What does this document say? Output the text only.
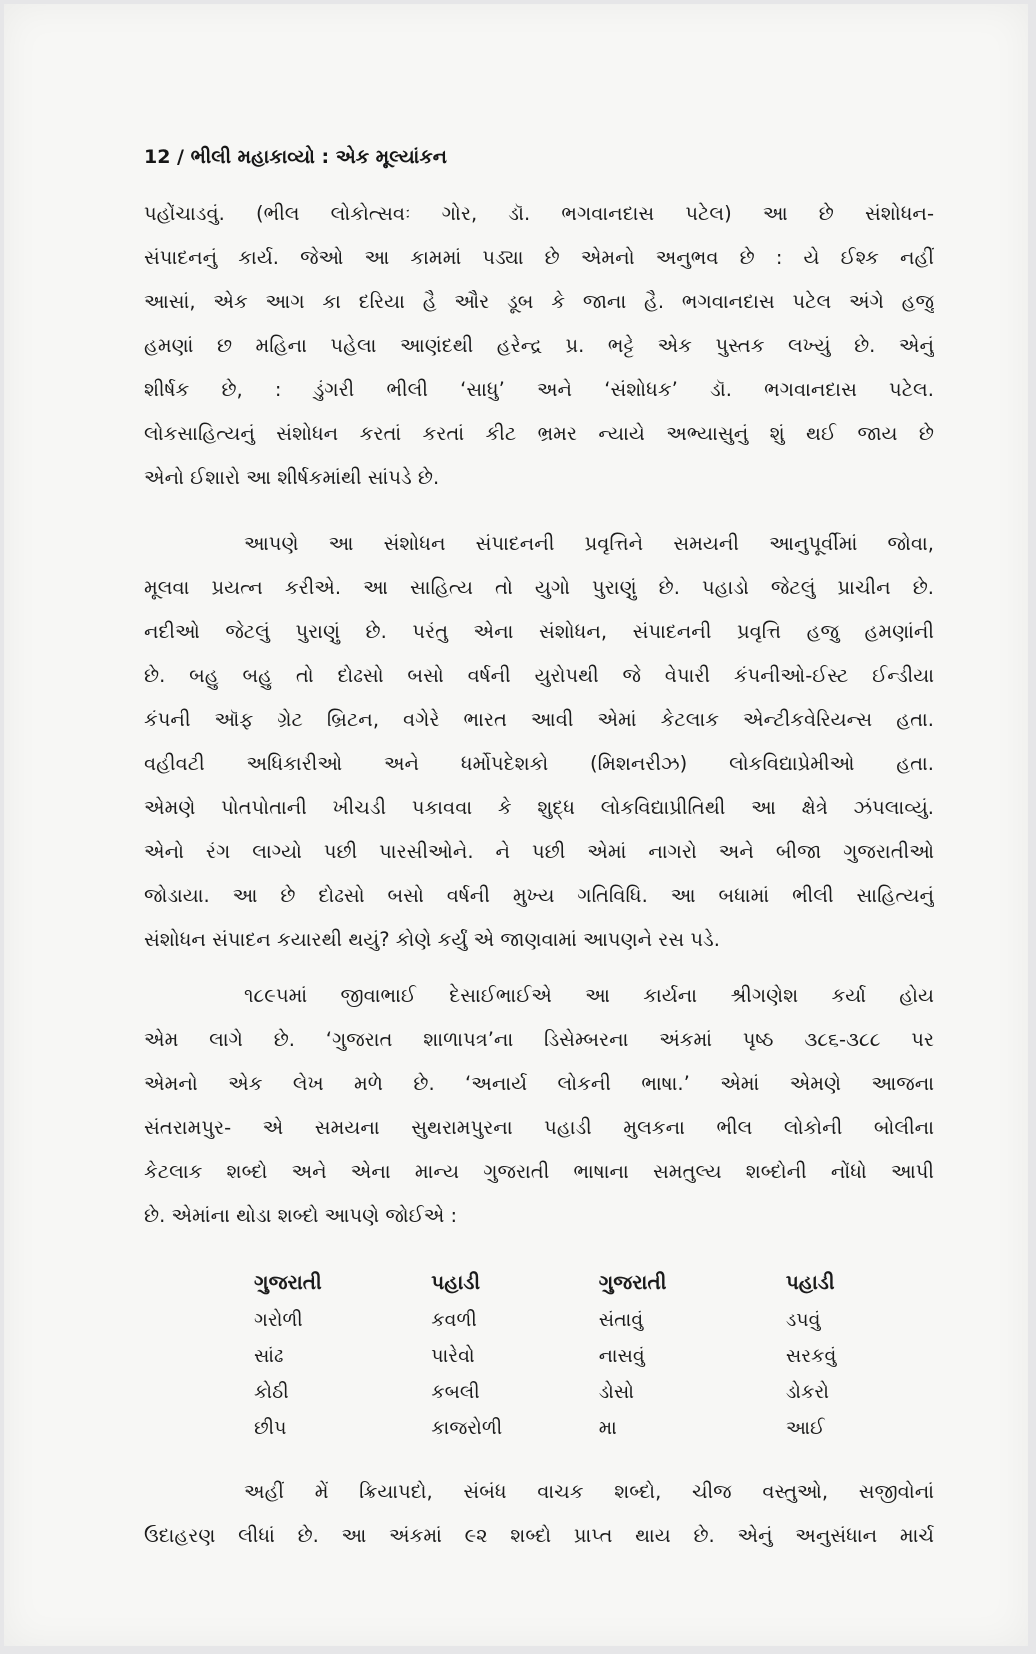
12 / ભીલી મહાકાવ્યો : એક મૂલ્યાંકન
પહોંચાડવું. (ભીલ લોકોત્સવઃ ગોર, ડૉ. ભગવાનદાસ પટેલ) આ છે સંશોધન-
સંપાદનનું કાર્ય. જેઓ આ કામમાં પડ્યા છે એમનો અનુભવ છે : યે ઈશ્ક નહીં
આસાં, એક આગ કા દરિયા હૈ ઔર ડૂબ કે જાના હૈ. ભગવાનદાસ પટેલ અંગે હજુ
હમણાં છ મહિના પહેલા આણંદથી હરેન્દ્ર પ્ર. ભટ્ટે એક પુસ્તક લખ્યું છે. એનું
શીર્ષક છે, : ડુંગરી ભીલી ‘સાધુ’ અને ‘સંશોધક’ ડૉ. ભગવાનદાસ પટેલ.
લોકસાહિત્યનું સંશોધન કરતાં કરતાં કીટ ભ્રમર ન્યાયે અભ્યાસુનું શું થઈ જાય છે
એનો ઈશારો આ શીર્ષકમાંથી સાંપડે છે.
આપણે આ સંશોધન સંપાદનની પ્રવૃત્તિને સમયની આનુપૂર્વીમાં જોવા,
મૂલવા પ્રયત્ન કરીએ. આ સાહિત્ય તો યુગો પુરાણું છે. પહાડો જેટલું પ્રાચીન છે.
નદીઓ જેટલું પુરાણું છે. પરંતુ એના સંશોધન, સંપાદનની પ્રવૃત્તિ હજુ હમણાંની
છે. બહુ બહુ તો દોઢસો બસો વર્ષની યુરોપથી જે વેપારી કંપનીઓ-ઈસ્ટ ઈન્ડીયા
કંપની ઑફ ગ્રેટ બ્રિટન, વગેરે ભારત આવી એમાં કેટલાક એન્ટીકવેરિયન્સ હતા.
વહીવટી અધિકારીઓ અને ધર્મોપદેશકો (મિશનરીઝ) લોકવિદ્યાપ્રેમીઓ હતા.
એમણે પોતપોતાની ખીચડી પકાવવા કે શુદ્ધ લોકવિદ્યાપ્રીતિથી આ ક્ષેત્રે ઝંપલાવ્યું.
એનો રંગ લાગ્યો પછી પારસીઓને. ને પછી એમાં નાગરો અને બીજા ગુજરાતીઓ
જોડાયા. આ છે દોઢસો બસો વર્ષની મુખ્ય ગતિવિધિ. આ બધામાં ભીલી સાહિત્યનું
સંશોધન સંપાદન કયારથી થયું? કોણે કર્યું એ જાણવામાં આપણને રસ પડે.
૧૮૯૫માં જીવાભાઈ દેસાઈભાઈએ આ કાર્યના શ્રીગણેશ કર્યા હોય
એમ લાગે છે. ‘ગુજરાત શાળાપત્ર’ના ડિસેમ્બરના અંકમાં પૃષ્ઠ ૩૮૬-૩૮૮ પર
એમનો એક લેખ મળે છે. ‘અનાર્ય લોકની ભાષા.’ એમાં એમણે આજના
સંતરામપુર- એ સમયના સુથરામપુરના પહાડી મુલકના ભીલ લોકોની બોલીના
કેટલાક શબ્દો અને એના માન્ય ગુજરાતી ભાષાના સમતુલ્ય શબ્દોની નોંધો આપી
છે. એમાંના થોડા શબ્દો આપણે જોઈએ :
ગુજરાતી	પહાડી	ગુજરાતી	પહાડી
ગરોળી	કવળી	સંતાવું	ડપવું
સાંઢ	પારેવો	નાસવું	સરકવું
કોઠી	કબલી	ડોસો	ડોકરો
છીપ	કાજરોળી	મા	આઈ
અહીં મેં ક્રિયાપદો, સંબંધ વાચક શબ્દો, ચીજ વસ્તુઓ, સજીવોનાં
ઉદાહરણ લીધાં છે. આ અંકમાં ૯૨ શબ્દો પ્રાપ્ત થાય છે. એનું અનુસંધાન માર્ચ
